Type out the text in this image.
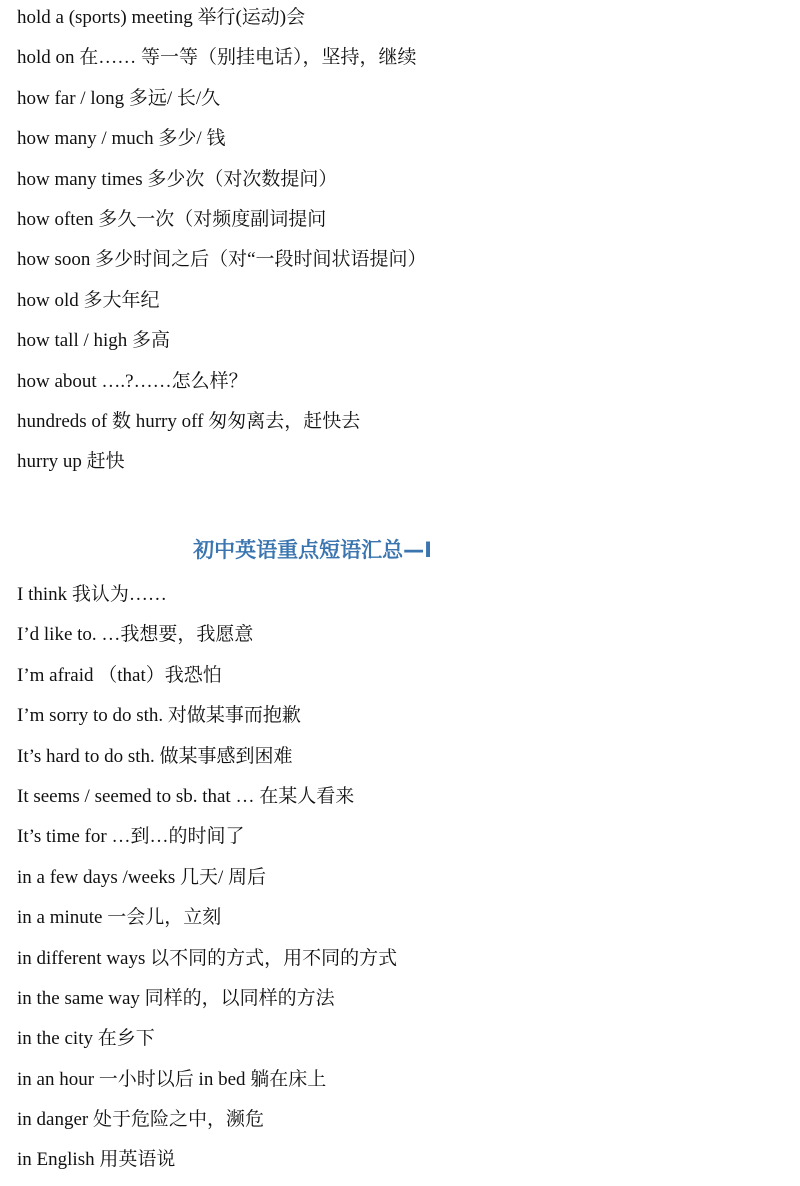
hold a (sports) meeting 举行(运动)会
hold on 在…… 等一等（别挂电话），坚持，继续
how far / long 多远/ 长/久
how many / much 多少/ 钱
how many times 多少次（对次数提问）
how often 多久一次（对频度副词提问
how soon 多少时间之后（对“一段时间状语提问）
how old 多大年纪
how tall / high 多高
how about ….?……怎么样？
hundreds of 数 hurry off 匆匆离去，赶快去
hurry up 赶快
初中英语重点短语汇总—I
I think 我认为……
I’d like to. …我想要，我愿意
I’m afraid （that）我恐怕
I’m sorry to do sth. 对做某事而抱歉
It’s hard to do sth. 做某事感到困难
It seems / seemed to sb. that … 在某人看来
It’s time for …到…的时间了
in a few days /weeks 几天/ 周后
in a minute 一会儿，立刻
in different ways 以不同的方式，用不同的方式
in the same way 同样的，以同样的方法
in the city 在乡下
in an hour 一小时以后 in bed 躺在床上
in danger 处于危险之中，濒危
in English 用英语说
